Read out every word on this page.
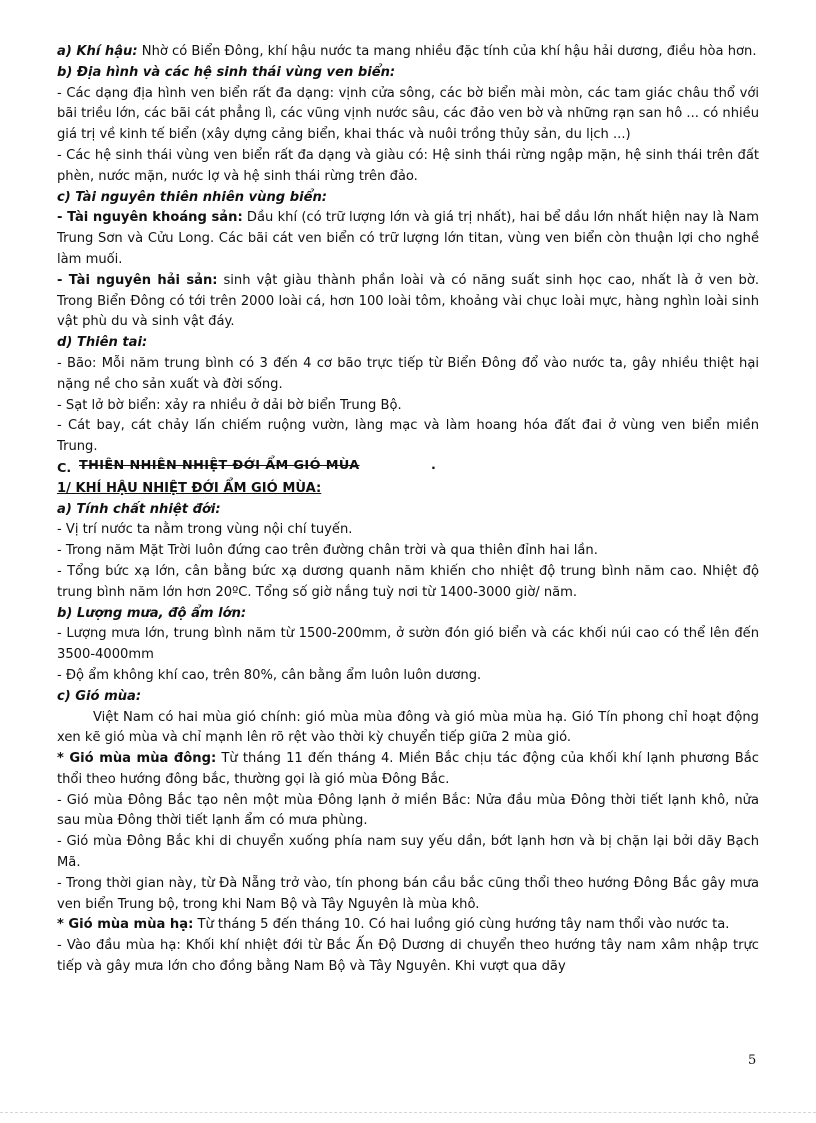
a) Khí hậu: Nhờ có Biển Đông, khí hậu nước ta mang nhiều đặc tính của khí hậu hải dương, điều hòa hơn.

b) Địa hình và các hệ sinh thái vùng ven biển:

- Các dạng địa hình ven biển rất đa dạng: vịnh cửa sông, các bờ biển mài mòn, các tam giác châu thổ với bãi triều lớn, các bãi cát phẳng lì, các vũng vịnh nước sâu, các đảo ven bờ và những rạn san hô ... có nhiều giá trị về kinh tế biển (xây dựng cảng biển, khai thác và nuôi trồng thủy sản, du lịch ...)

- Các hệ sinh thái vùng ven biển rất đa dạng và giàu có: Hệ sinh thái rừng ngập mặn, hệ sinh thái trên đất phèn, nước mặn, nước lợ và hệ sinh thái rừng trên đảo.

c) Tài nguyên thiên nhiên vùng biển:

- Tài nguyên khoáng sản: Dầu khí (có trữ lượng lớn và giá trị nhất), hai bể dầu lớn nhất hiện nay là Nam Trung Sơn và Cửu Long. Các bãi cát ven biển có trữ lượng lớn titan, vùng ven biển còn thuận lợi cho nghề làm muối.

- Tài nguyên hải sản: sinh vật giàu thành phần loài và có năng suất sinh học cao, nhất là ở ven bờ. Trong Biển Đông có tới trên 2000 loài cá, hơn 100 loài tôm, khoảng vài chục loài mực, hàng nghìn loài sinh vật phù du và sinh vật đáy.

d) Thiên tai:

- Bão: Mỗi năm trung bình có 3 đến 4 cơ bão trực tiếp từ Biển Đông đổ vào nước ta, gây nhiều thiệt hại nặng nề cho sản xuất và đời sống.

- Sạt lở bờ biển: xảy ra nhiều ở dải bờ biển Trung Bộ.

- Cát bay, cát chảy lấn chiếm ruộng vườn, làng mạc và làm hoang hóa đất đai ở vùng ven biển miền Trung.

C. THIÊN NHIÊN NHIỆT ĐỚI ẨM GIÓ MÙA	.

1/ KHÍ HẬU NHIỆT ĐỚI ẨM GIÓ MÙA:

a) Tính chất nhiệt đới:

- Vị trí nước ta nằm trong vùng nội chí tuyến.

- Trong năm Mặt Trời luôn đứng cao trên đường chân trời và qua thiên đỉnh hai lần.

- Tổng bức xạ lớn, cân bằng bức xạ dương quanh năm khiến cho nhiệt độ trung bình năm cao. Nhiệt độ trung bình năm lớn hơn 20ºC. Tổng số giờ nắng tuỳ nơi từ 1400-3000 giờ/ năm.

b) Lượng mưa, độ ẩm lớn:

- Lượng mưa lớn, trung bình năm từ 1500-200mm, ở sườn đón gió biển và các khối núi cao có thể lên đến 3500-4000mm

- Độ ẩm không khí cao, trên 80%, cân bằng ẩm luôn luôn dương.

c) Gió mùa:

Việt Nam có hai mùa gió chính: gió mùa mùa đông và gió mùa mùa hạ. Gió Tín phong chỉ hoạt động xen kẽ gió mùa và chỉ mạnh lên rõ rệt vào thời kỳ chuyển tiếp giữa 2 mùa gió.

* Gió mùa mùa đông: Từ tháng 11 đến tháng 4. Miền Bắc chịu tác động của khối khí lạnh phương Bắc thổi theo hướng đông bắc, thường gọi là gió mùa Đông Bắc.

- Gió mùa Đông Bắc tạo nên một mùa Đông lạnh ở miền Bắc: Nửa đầu mùa Đông thời tiết lạnh khô, nửa sau mùa Đông thời tiết lạnh ẩm có mưa phùng.

- Gió mùa Đông Bắc khi di chuyển xuống phía nam suy yếu dần, bớt lạnh hơn và bị chặn lại bởi dãy Bạch Mã.

- Trong thời gian này, từ Đà Nẵng trở vào, tín phong bán cầu bắc cũng thổi theo hướng Đông Bắc gây mưa ven biển Trung bộ, trong khi Nam Bộ và Tây Nguyên là mùa khô.

* Gió mùa mùa hạ: Từ tháng 5 đến tháng 10. Có hai luồng gió cùng hướng tây nam thổi vào nước ta.

- Vào đầu mùa hạ: Khối khí nhiệt đới từ Bắc Ấn Độ Dương di chuyển theo hướng tây nam xâm nhập trực tiếp và gây mưa lớn cho đồng bằng Nam Bộ và Tây Nguyên. Khi vượt qua dãy

5
